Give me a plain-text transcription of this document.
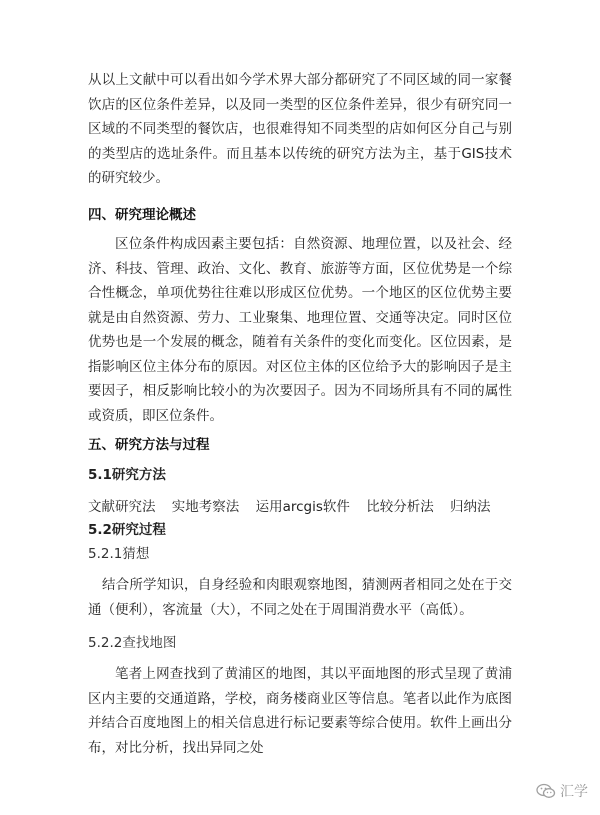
从以上文献中可以看出如今学术界大部分都研究了不同区域的同一家餐饮店的区位条件差异，以及同一类型的区位条件差异，很少有研究同一区域的不同类型的餐饮店，也很难得知不同类型的店如何区分自己与别的类型店的选址条件。而且基本以传统的研究方法为主，基于GIS技术的研究较少。
四、研究理论概述
区位条件构成因素主要包括：自然资源、地理位置，以及社会、经济、科技、管理、政治、文化、教育、旅游等方面，区位优势是一个综合性概念，单项优势往往难以形成区位优势。一个地区的区位优势主要就是由自然资源、劳力、工业聚集、地理位置、交通等决定。同时区位优势也是一个发展的概念，随着有关条件的变化而变化。区位因素，是指影响区位主体分布的原因。对区位主体的区位给予大的影响因子是主要因子，相反影响比较小的为次要因子。因为不同场所具有不同的属性或资质，即区位条件。
五、研究方法与过程
5.1研究方法
文献研究法 实地考察法 运用arcgis软件 比较分析法 归纳法
5.2研究过程
5.2.1猜想
结合所学知识，自身经验和肉眼观察地图，猜测两者相同之处在于交通（便利），客流量（大），不同之处在于周围消费水平（高低）。
5.2.2查找地图
笔者上网查找到了黄浦区的地图，其以平面地图的形式呈现了黄浦区内主要的交通道路，学校，商务楼商业区等信息。笔者以此作为底图并结合百度地图上的相关信息进行标记要素等综合使用。软件上画出分布，对比分析，找出异同之处
汇学
